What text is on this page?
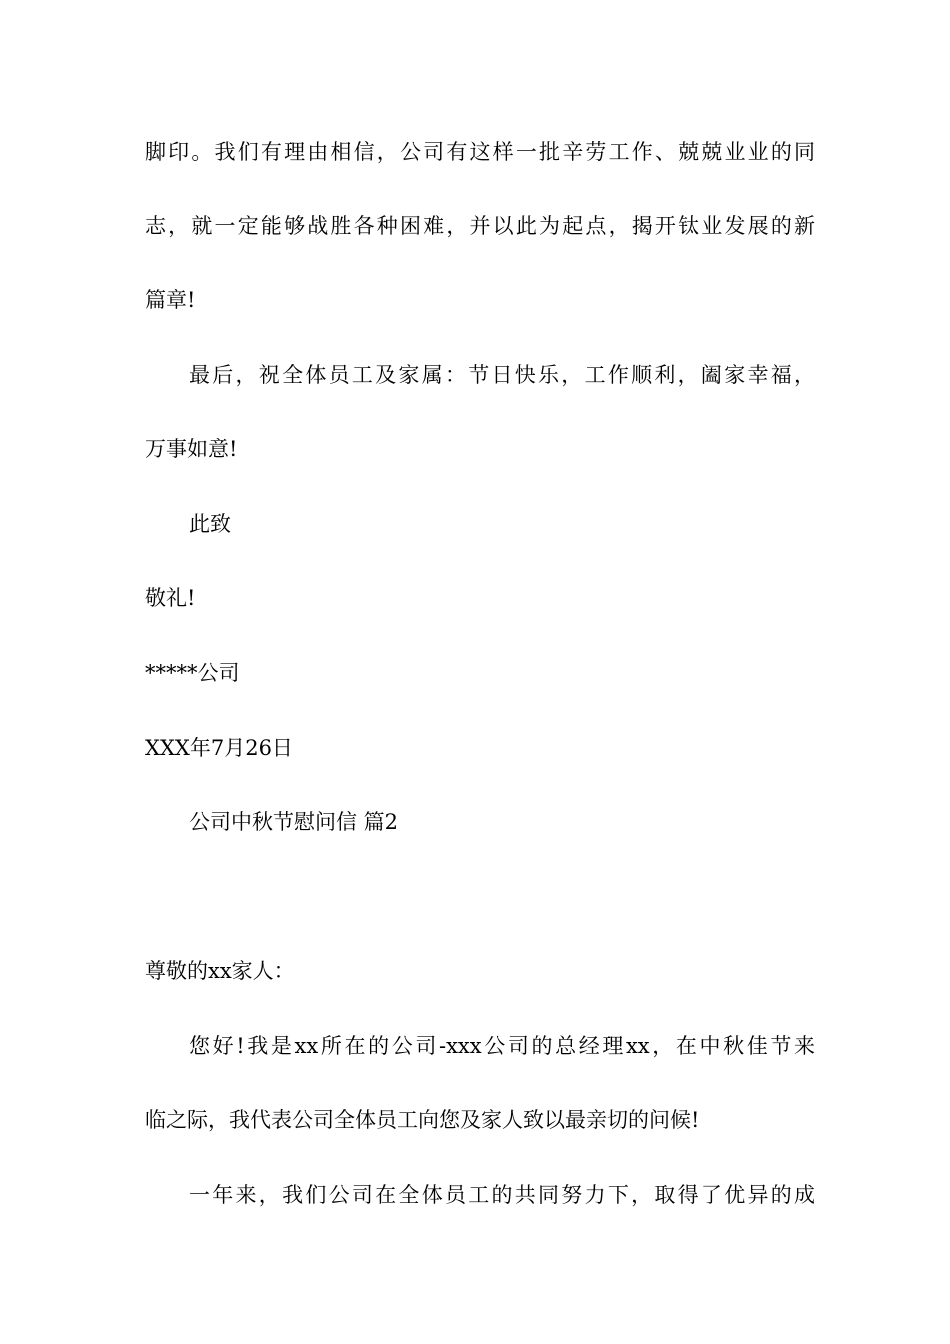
脚印。我们有理由相信，公司有这样一批辛劳工作、兢兢业业的同
志，就一定能够战胜各种困难，并以此为起点，揭开钛业发展的新
篇章!
最后，祝全体员工及家属：节日快乐，工作顺利，阖家幸福，
万事如意!
此致
敬礼!
*****公司
XXX年7月26日
公司中秋节慰问信 篇2
尊敬的xx家人：
您好!我是xx所在的公司-xxx公司的总经理xx，在中秋佳节来
临之际，我代表公司全体员工向您及家人致以最亲切的问候!
一年来，我们公司在全体员工的共同努力下，取得了优异的成
